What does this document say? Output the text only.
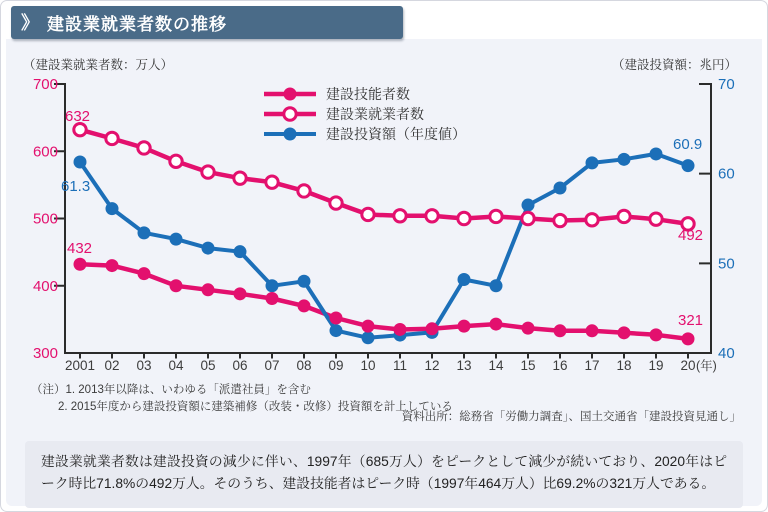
》 建設業就業者数の推移
（建設業就業者数：万人）	（建設投資額：兆円）
700
600
500
400
300
70
60
50
40
2001 02 03 04 05 06 07 08 09 10 11 12 13 14 15 16 17 18 19 20 (年)
632
61.3
432
60.9
492
321
建設技能者数
建設業就業者数
建設投資額（年度値）
（注）1. 2013年以降は、いわゆる「派遣社員」を含む
2. 2015年度から建設投資額に建築補修（改装・改修）投資額を計上している
資料出所：総務省「労働力調査」、国土交通省「建設投資見通し」
建設業就業者数は建設投資の減少に伴い、1997年（685万人）をピークとして減少が続いており、2020年はピーク時比71.8%の492万人。そのうち、建設技能者はピーク時（1997年464万人）比69.2%の321万人である。
